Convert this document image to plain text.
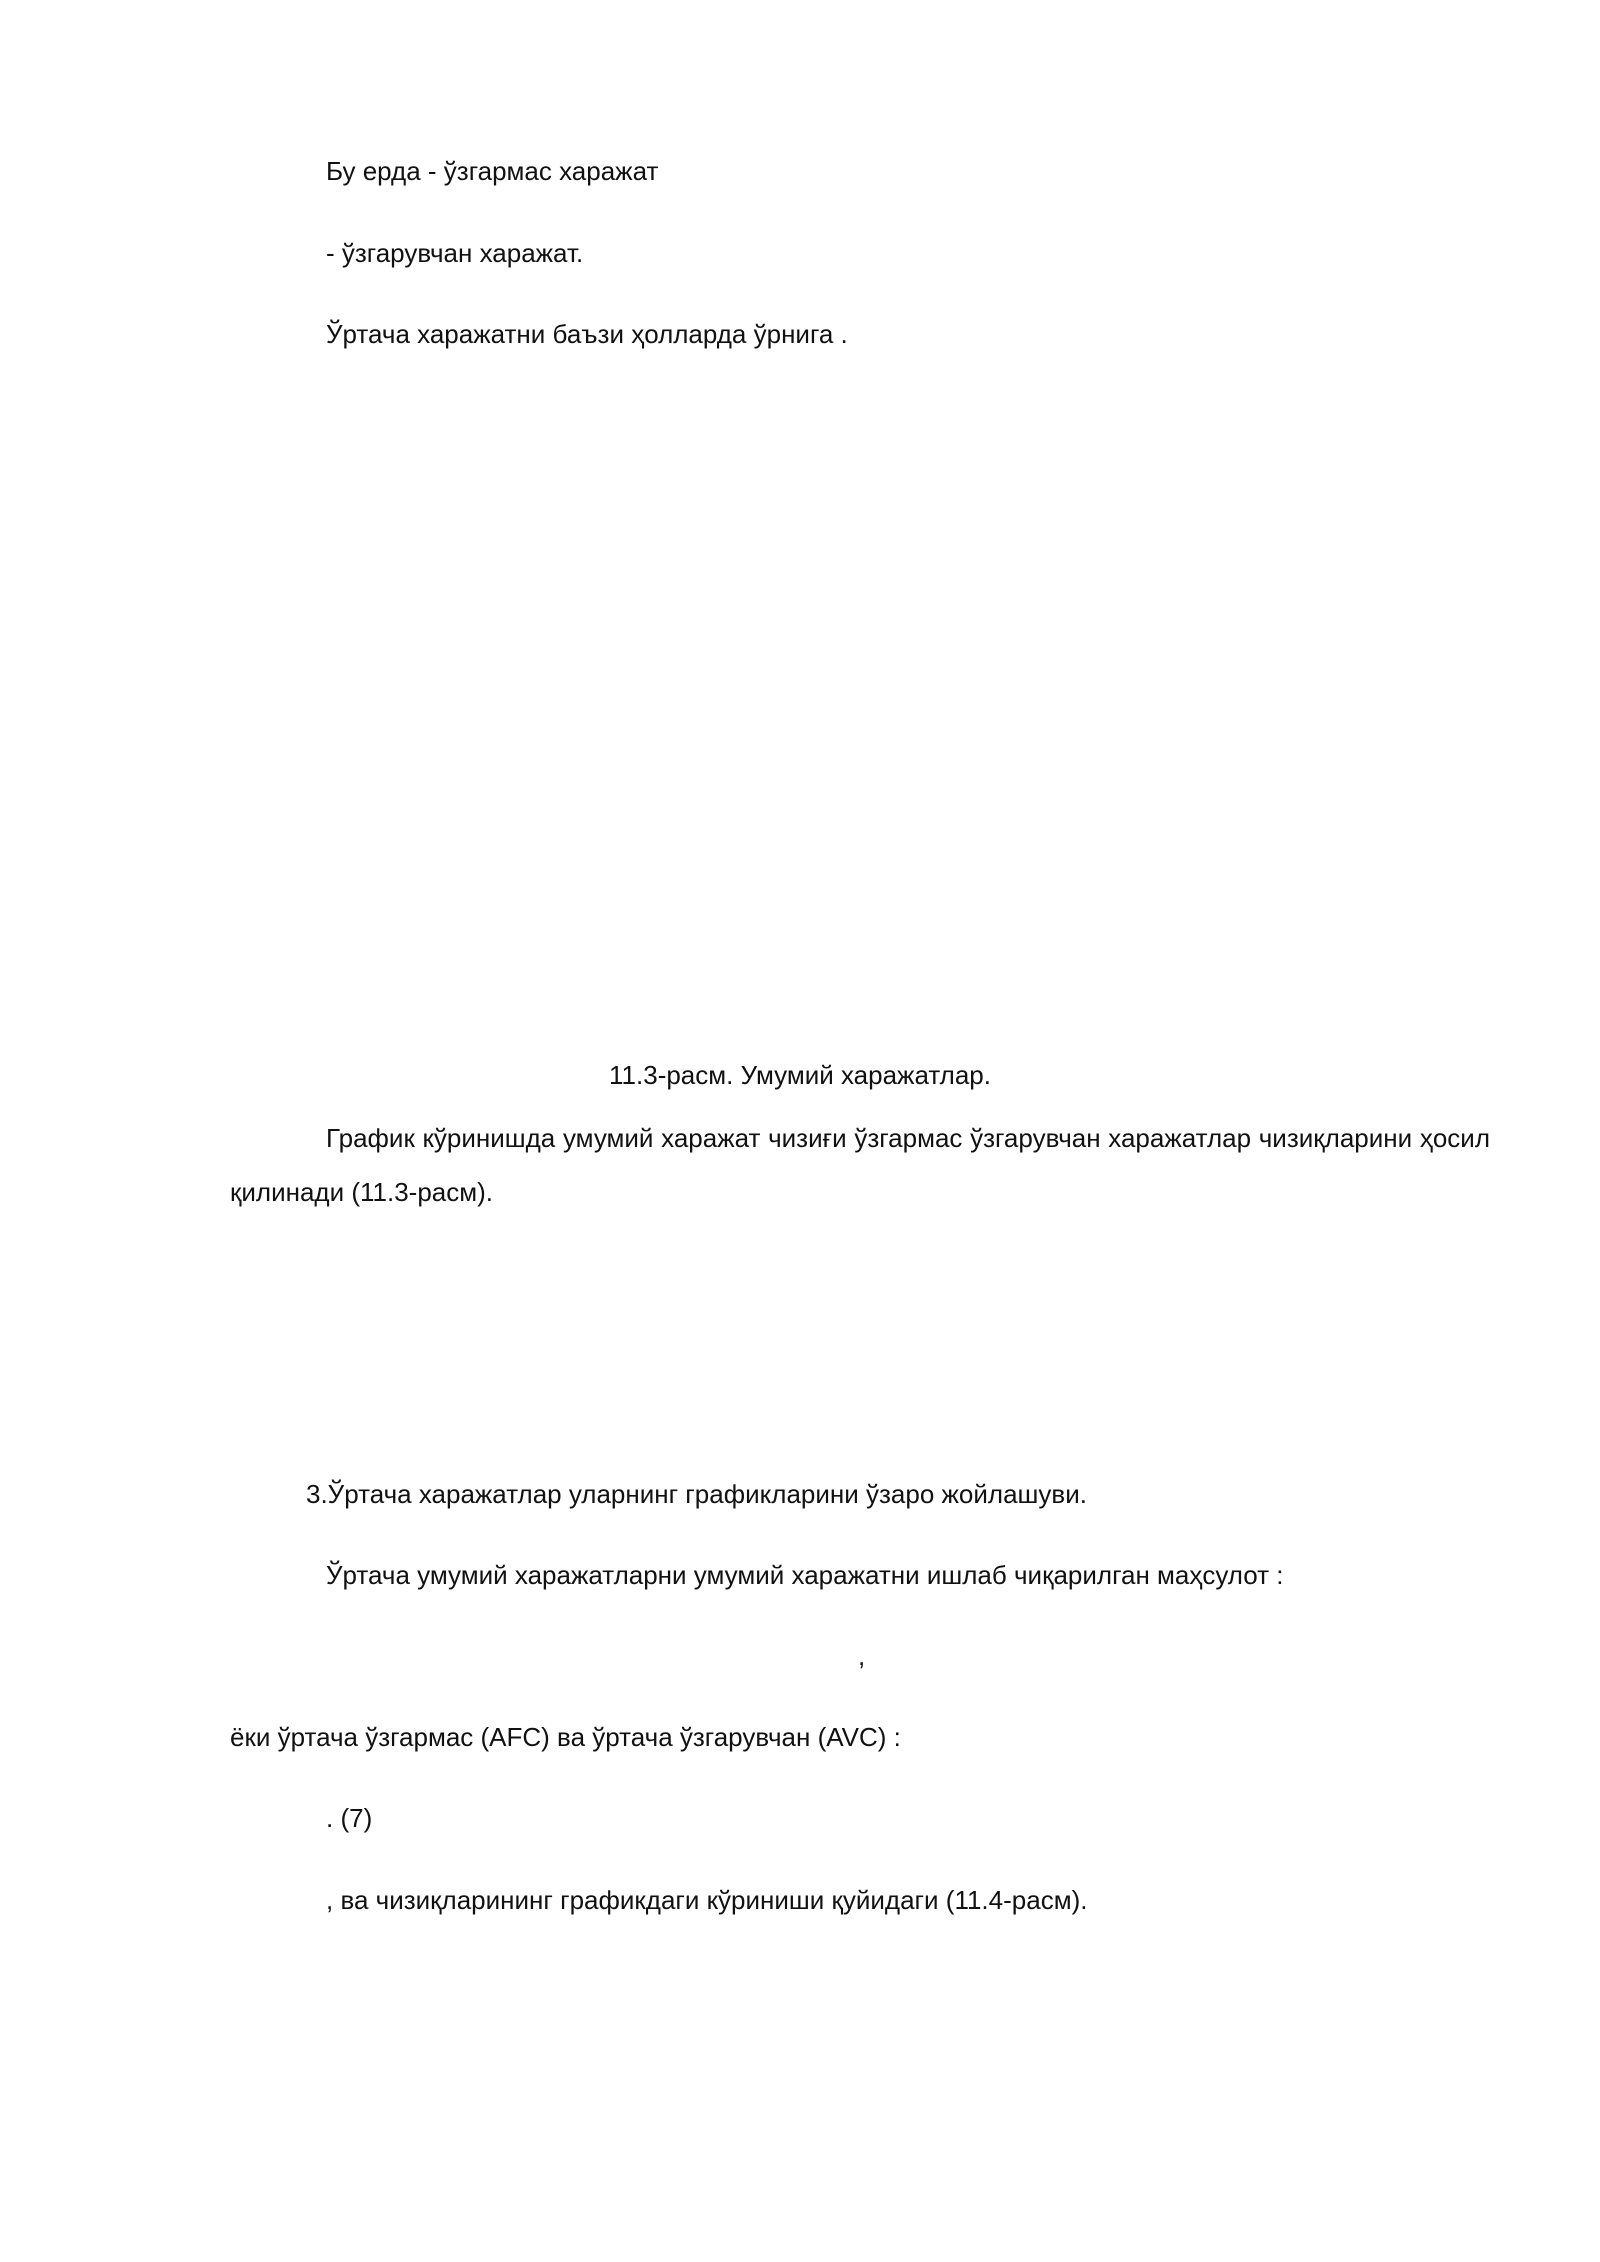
Бу ерда - ўзгармас харажат
- ўзгарувчан харажат.
Ўртача харажатни баъзи ҳолларда ўрнига .
11.3-расм. Умумий харажатлар.
График кўринишда умумий харажат чизиғи ўзгармас ўзгарувчан харажатлар чизиқларини ҳосил қилинади (11.3-расм).
3.Ўртача харажатлар уларнинг графикларини ўзаро жойлашуви.
Ўртача умумий харажатларни умумий харажатни ишлаб чиқарилган маҳсулот :
,
ёки ўртача ўзгармас (AFC) ва ўртача ўзгарувчан (AVC) :
. (7)
, ва чизиқларининг графикдаги кўриниши қуйидаги (11.4-расм).
